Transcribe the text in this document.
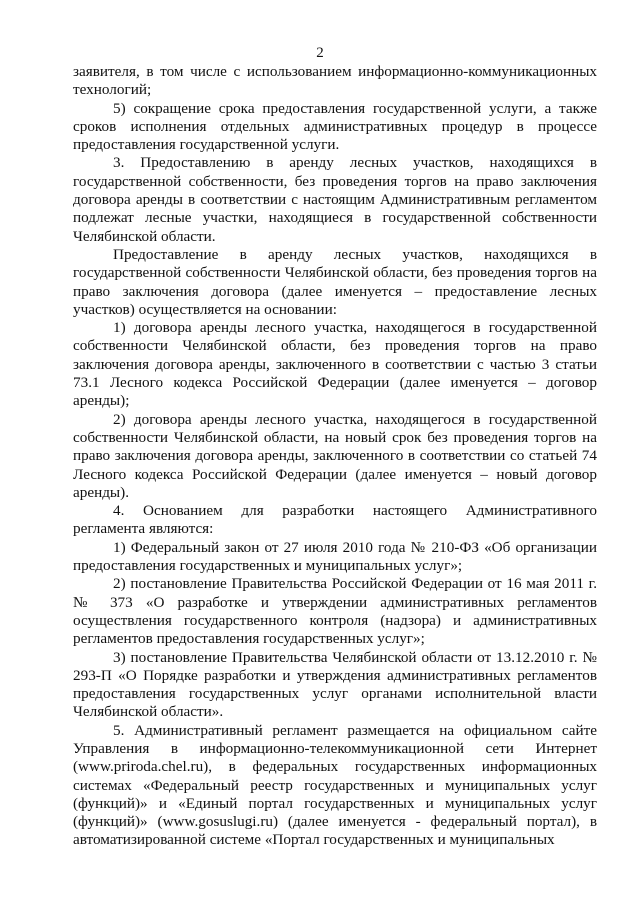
2

заявителя, в том числе с использованием информационно-коммуникационных технологий;

5) сокращение срока предоставления государственной услуги, а также сроков исполнения отдельных административных процедур в процессе предоставления государственной услуги.

3. Предоставлению в аренду лесных участков, находящихся в государственной собственности, без проведения торгов на право заключения договора аренды в соответствии с настоящим Административным регламентом подлежат лесные участки, находящиеся в государственной собственности Челябинской области.

Предоставление в аренду лесных участков, находящихся в государственной собственности Челябинской области, без проведения торгов на право заключения договора (далее именуется – предоставление лесных участков) осуществляется на основании:

1) договора аренды лесного участка, находящегося в государственной собственности Челябинской области, без проведения торгов на право заключения договора аренды, заключенного в соответствии с частью 3 статьи 73.1 Лесного кодекса Российской Федерации (далее именуется – договор аренды);

2) договора аренды лесного участка, находящегося в государственной собственности Челябинской области, на новый срок без проведения торгов на право заключения договора аренды, заключенного в соответствии со статьей 74 Лесного кодекса Российской Федерации (далее именуется – новый договор аренды).

4. Основанием для разработки настоящего Административного регламента являются:

1) Федеральный закон от 27 июля 2010 года № 210-ФЗ «Об организации предоставления государственных и муниципальных услуг»;

2) постановление Правительства Российской Федерации от 16 мая 2011 г. № 373 «О разработке и утверждении административных регламентов осуществления государственного контроля (надзора) и административных регламентов предоставления государственных услуг»;

3) постановление Правительства Челябинской области от 13.12.2010 г. № 293-П «О Порядке разработки и утверждения административных регламентов предоставления государственных услуг органами исполнительной власти Челябинской области».

5. Административный регламент размещается на официальном сайте Управления в информационно-телекоммуникационной сети Интернет (www.priroda.chel.ru), в федеральных государственных информационных системах «Федеральный реестр государственных и муниципальных услуг (функций)» и «Единый портал государственных и муниципальных услуг (функций)» (www.gosuslugi.ru) (далее именуется - федеральный портал), в автоматизированной системе «Портал государственных и муниципальных
